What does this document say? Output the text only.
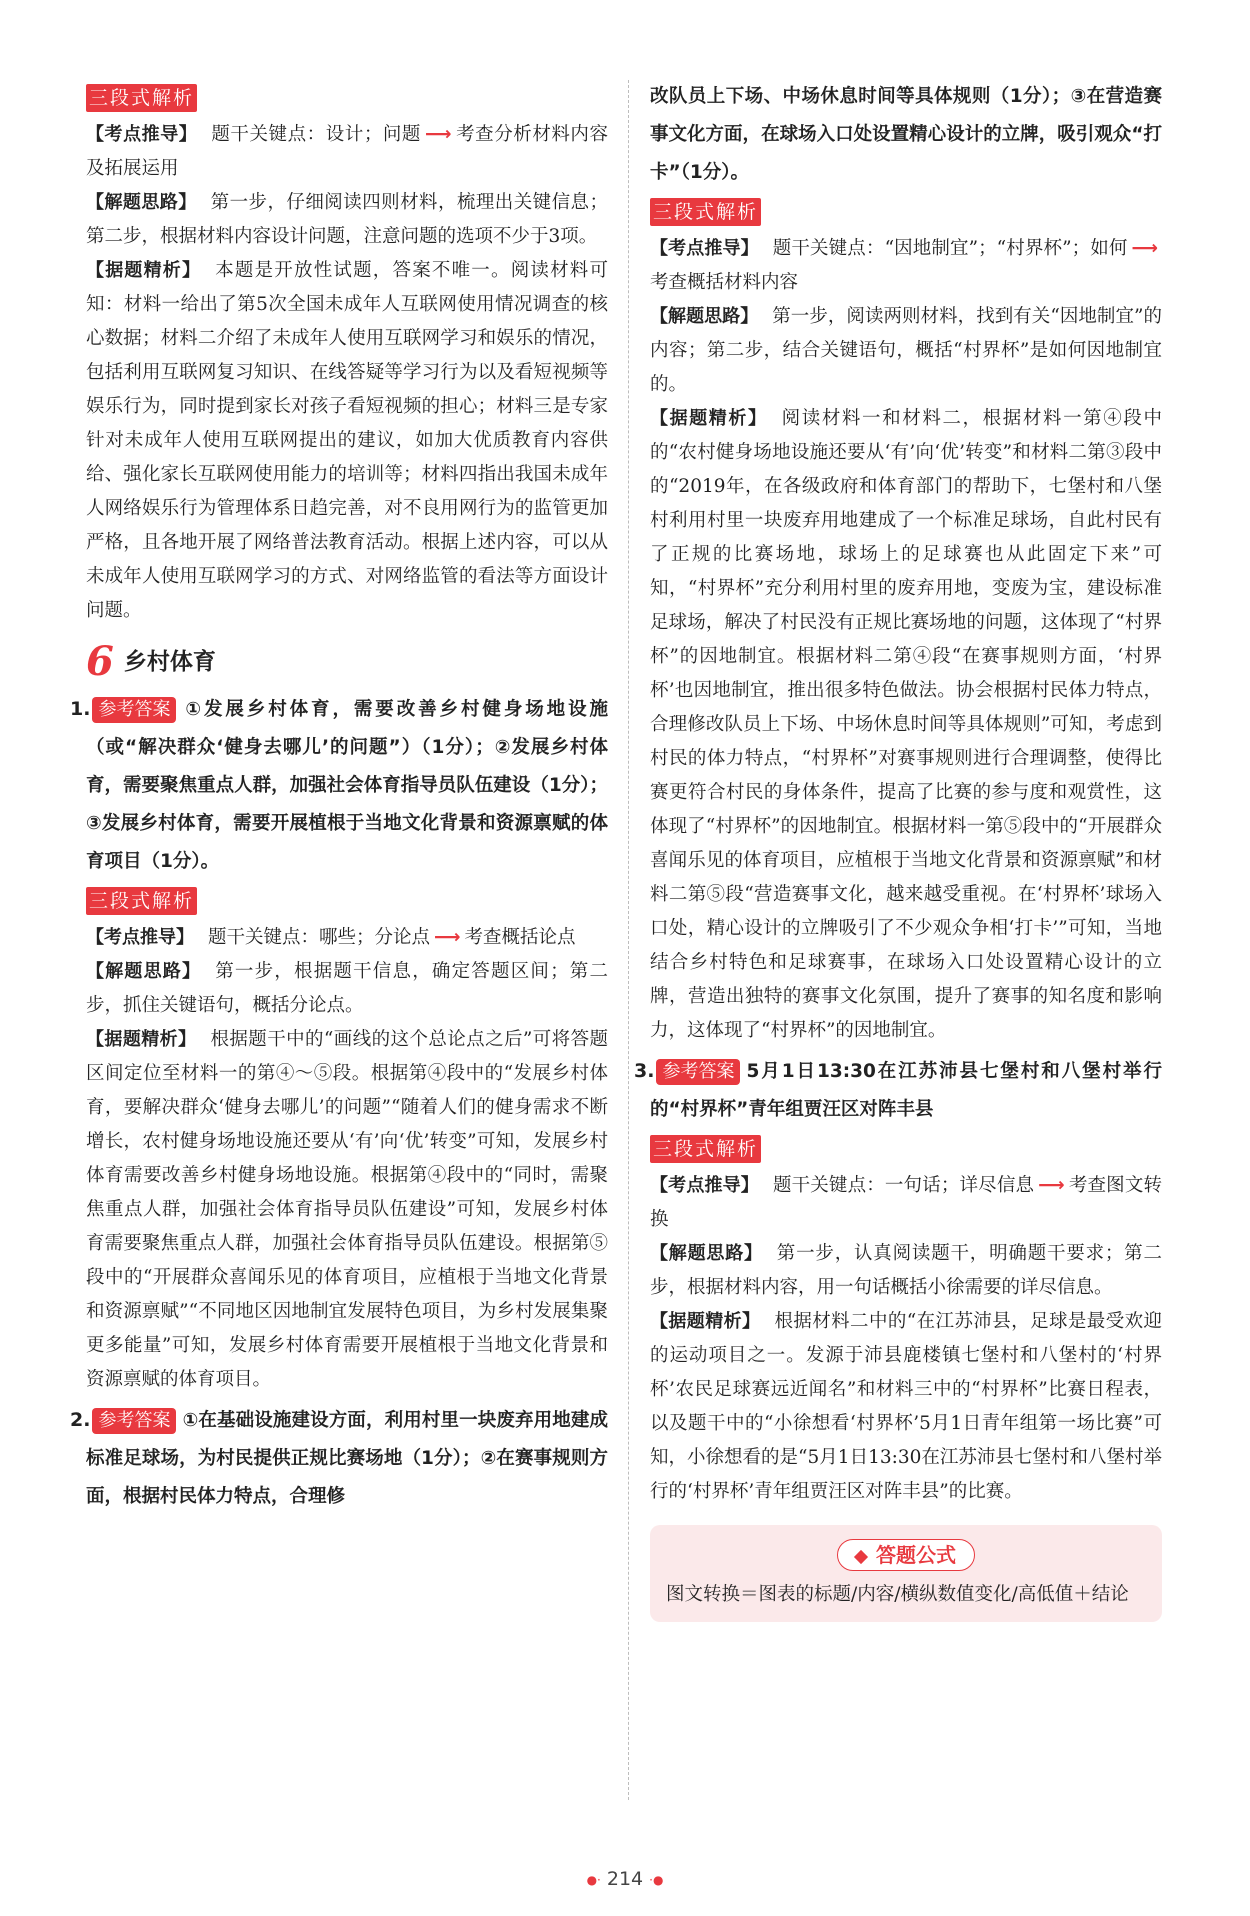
三段式解析

【考点推导】 题干关键点：设计；问题 ⟶ 考查分析材料内容及拓展运用

【解题思路】 第一步，仔细阅读四则材料，梳理出关键信息；第二步，根据材料内容设计问题，注意问题的选项不少于3项。

【据题精析】 本题是开放性试题，答案不唯一。阅读材料可知：材料一给出了第5次全国未成年人互联网使用情况调查的核心数据；材料二介绍了未成年人使用互联网学习和娱乐的情况，包括利用互联网复习知识、在线答疑等学习行为以及看短视频等娱乐行为，同时提到家长对孩子看短视频的担心；材料三是专家针对未成年人使用互联网提出的建议，如加大优质教育内容供给、强化家长互联网使用能力的培训等；材料四指出我国未成年人网络娱乐行为管理体系日趋完善，对不良用网行为的监管更加严格，且各地开展了网络普法教育活动。根据上述内容，可以从未成年人使用互联网学习的方式、对网络监管的看法等方面设计问题。

6 乡村体育

1. 参考答案 ①发展乡村体育，需要改善乡村健身场地设施（或“解决群众‘健身去哪儿’的问题”）（1分）；②发展乡村体育，需要聚焦重点人群，加强社会体育指导员队伍建设（1分）；③发展乡村体育，需要开展植根于当地文化背景和资源禀赋的体育项目（1分）。

三段式解析

【考点推导】 题干关键点：哪些；分论点 ⟶ 考查概括论点

【解题思路】 第一步，根据题干信息，确定答题区间；第二步，抓住关键语句，概括分论点。

【据题精析】 根据题干中的“画线的这个总论点之后”可将答题区间定位至材料一的第④～⑤段。根据第④段中的“发展乡村体育，要解决群众‘健身去哪儿’的问题”“随着人们的健身需求不断增长，农村健身场地设施还要从‘有’向‘优’转变”可知，发展乡村体育需要改善乡村健身场地设施。根据第④段中的“同时，需聚焦重点人群，加强社会体育指导员队伍建设”可知，发展乡村体育需要聚焦重点人群，加强社会体育指导员队伍建设。根据第⑤段中的“开展群众喜闻乐见的体育项目，应植根于当地文化背景和资源禀赋”“不同地区因地制宜发展特色项目，为乡村发展集聚更多能量”可知，发展乡村体育需要开展植根于当地文化背景和资源禀赋的体育项目。

2. 参考答案 ①在基础设施建设方面，利用村里一块废弃用地建成标准足球场，为村民提供正规比赛场地（1分）；②在赛事规则方面，根据村民体力特点，合理修

改队员上下场、中场休息时间等具体规则（1分）；③在营造赛事文化方面，在球场入口处设置精心设计的立牌，吸引观众“打卡”（1分）。

三段式解析

【考点推导】 题干关键点：“因地制宜”；“村界杯”；如何 ⟶考查概括材料内容

【解题思路】 第一步，阅读两则材料，找到有关“因地制宜”的内容；第二步，结合关键语句，概括“村界杯”是如何因地制宜的。

【据题精析】 阅读材料一和材料二，根据材料一第④段中的“农村健身场地设施还要从‘有’向‘优’转变”和材料二第③段中的“2019年，在各级政府和体育部门的帮助下，七堡村和八堡村利用村里一块废弃用地建成了一个标准足球场，自此村民有了正规的比赛场地，球场上的足球赛也从此固定下来”可知，“村界杯”充分利用村里的废弃用地，变废为宝，建设标准足球场，解决了村民没有正规比赛场地的问题，这体现了“村界杯”的因地制宜。根据材料二第④段“在赛事规则方面，‘村界杯’也因地制宜，推出很多特色做法。协会根据村民体力特点，合理修改队员上下场、中场休息时间等具体规则”可知，考虑到村民的体力特点，“村界杯”对赛事规则进行合理调整，使得比赛更符合村民的身体条件，提高了比赛的参与度和观赏性，这体现了“村界杯”的因地制宜。根据材料一第⑤段中的“开展群众喜闻乐见的体育项目，应植根于当地文化背景和资源禀赋”和材料二第⑤段“营造赛事文化，越来越受重视。在‘村界杯’球场入口处，精心设计的立牌吸引了不少观众争相‘打卡’”可知，当地结合乡村特色和足球赛事，在球场入口处设置精心设计的立牌，营造出独特的赛事文化氛围，提升了赛事的知名度和影响力，这体现了“村界杯”的因地制宜。

3. 参考答案 5月1日13:30在江苏沛县七堡村和八堡村举行的“村界杯”青年组贾汪区对阵丰县

三段式解析

【考点推导】 题干关键点：一句话；详尽信息 ⟶ 考查图文转换

【解题思路】 第一步，认真阅读题干，明确题干要求；第二步，根据材料内容，用一句话概括小徐需要的详尽信息。

【据题精析】 根据材料二中的“在江苏沛县，足球是最受欢迎的运动项目之一。发源于沛县鹿楼镇七堡村和八堡村的‘村界杯’农民足球赛远近闻名”和材料三中的“村界杯”比赛日程表，以及题干中的“小徐想看‘村界杯’5月1日青年组第一场比赛”可知，小徐想看的是“5月1日13:30在江苏沛县七堡村和八堡村举行的‘村界杯’青年组贾汪区对阵丰县”的比赛。

答题公式

图文转换＝图表的标题/内容/横纵数值变化/高低值＋结论

●· 214 ·●
